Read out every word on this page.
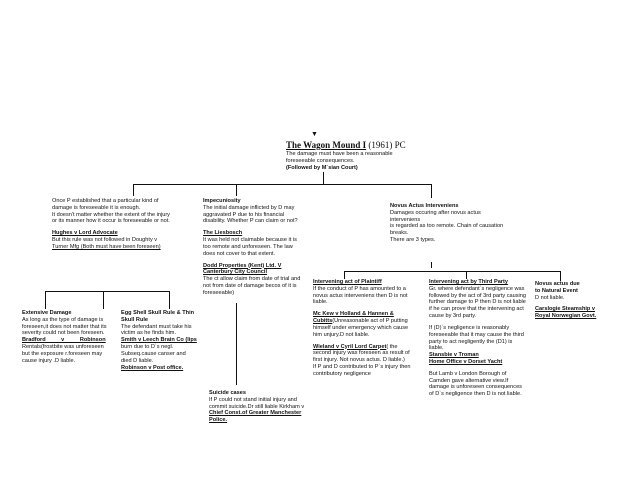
▼

The Wagon Mound I (1961) PC

The damage must have been a reasonable

foreseeable consequences.

(Followed by M`sian Court)

Once P established that a particular kind of

damage is foreseeable it is enough.

It doesn't matter whether the extent of the injury

or its manner how it occur is foreseeable or not.

Hughes v Lord Advocate

But this rule was not followed in Doughty v

Turner Mfg (Both must have been foreseen)

Extensive Damage

As long as the type of damage is

foreseen,it does not matter that its

severity could not been foreseen.

Bradford v Robinson

Rentals(frostbite was unforeseen

but the exposure r.foreseen may

cause injury .D liable.

Egg Shell Skull Rule & Thin

Skull Rule

The defendant must take his

victim as he finds him.

Smith v Leech Brain Co (lips

burn due to D`s negl.

Subseq.cause canser and

died D liable.

Robinson v Post office.

Impecuniosity

The initial damage inflicted by D may

aggravated P due to his financial

disability. Whether P can claim or not?

The Liesbosch

It was held not claimable because it is

too remote and unforeseen. The law

does not cover to that extent.

Dodd Properties (Kent) Ltd. V

Canterbury City Council

The ct allow claim from date of trial and

not from date of damage becos of it is

foreseeable)

Suicide cases

If P could not stand initial injury and

commit suicide.Dr still liable Kirkham v

Chief Const.of Greater Manchester

Police.

Novus Actus Interveniens

Damages occuring after novus actus interveniens

is regarded as too remote. Chain of causation

breaks.

There are 3 types.

Intervening act of Plaintiff

If the conduct of P has amounted to a

novus actus interveniens then D is not

liable.

Mc Kew v Holland & Hannen &

Cubitts(Unreasonable act of P putting

himself under emergency which cause

him unjury.D not liable.

Wieland v Cyril Lord Carpet( the

second injury was foreseen as result of

first injury. Not novus actus. D liable.)

If P and D contributed to P`s injury then

contributory negligence

Intervening act by Third Party

Gr. where defendant`s negligence was

followed by the act of 3rd party causing

further damage to P then D is not liable

if he can prove that the intervening act

cause by 3rd party.

If (D)`s negligence is reasonably

foreseeable that it may cause the third

party to act negligently the (D1) is

liable.

Stansbie v Troman

Home Office v Dorset Yacht

But Lamb v London Borough of

Camden gave alternative view.If

damage is unforeseen consequences

of D`s negligence then D is not liable.

Novus actus due

to Natural Event

D not liable.

Carslogie Steamship v

Royal Norwegian Govt.
